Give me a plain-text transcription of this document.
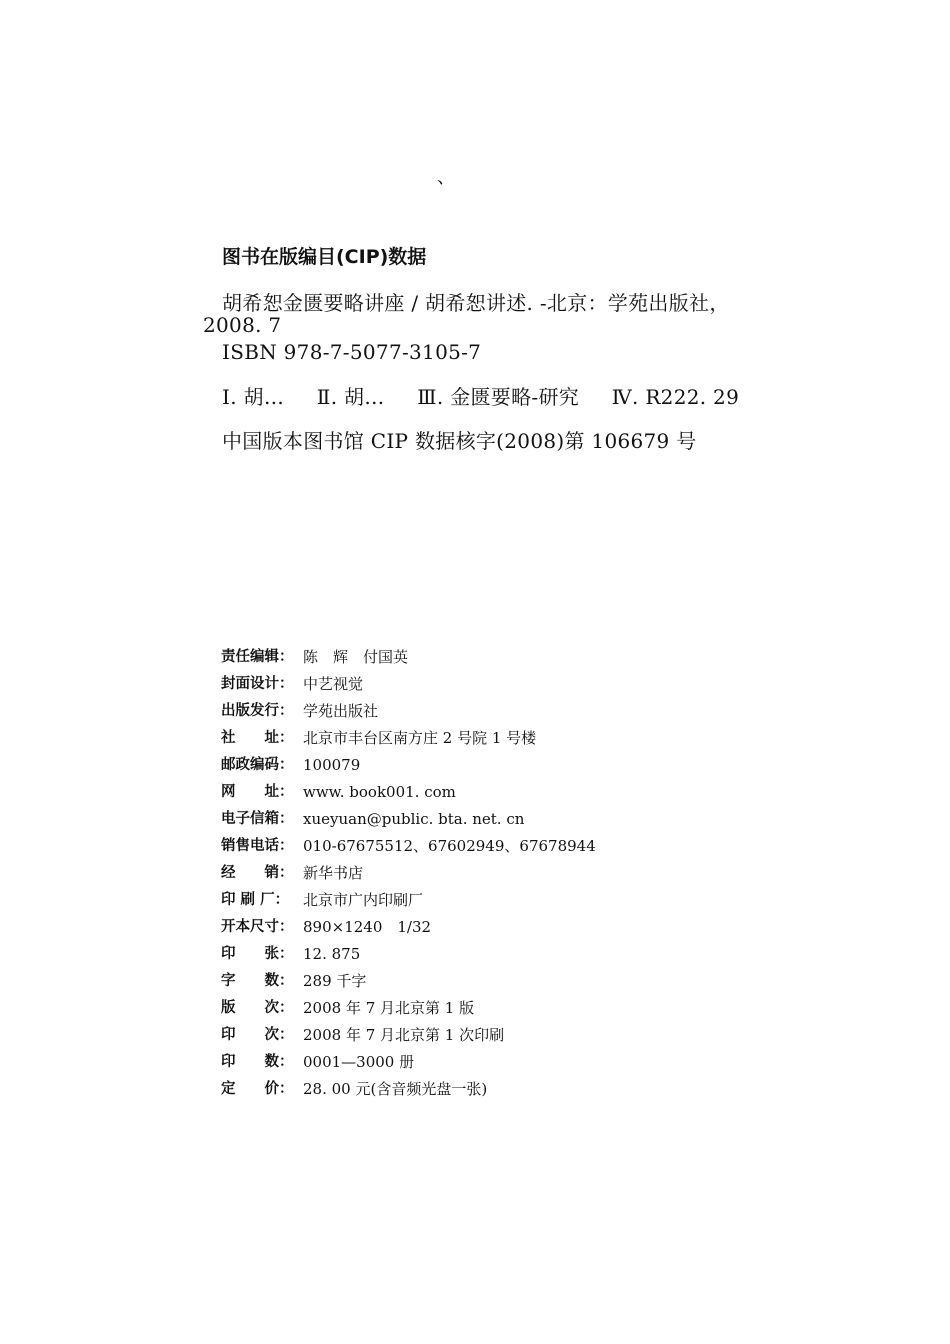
、
图书在版编目(CIP)数据
胡希恕金匮要略讲座 / 胡希恕讲述. -北京：学苑出版社，
2008. 7
ISBN 978-7-5077-3105-7
Ⅰ. 胡… Ⅱ. 胡… Ⅲ. 金匮要略-研究 Ⅳ. R222. 29
中国版本图书馆 CIP 数据核字(2008)第 106679 号
责任编辑： 陈　辉　付国英
封面设计： 中艺视觉
出版发行： 学苑出版社
社　　址： 北京市丰台区南方庄 2 号院 1 号楼
邮政编码： 100079
网　　址： www. book001. com
电子信箱： xueyuan@public. bta. net. cn
销售电话： 010-67675512、67602949、67678944
经　　销： 新华书店
印 刷 厂： 北京市广内印刷厂
开本尺寸： 890×1240　1/32
印　　张： 12. 875
字　　数： 289 千字
版　　次： 2008 年 7 月北京第 1 版
印　　次： 2008 年 7 月北京第 1 次印刷
印　　数： 0001—3000 册
定　　价： 28. 00 元(含音频光盘一张)
